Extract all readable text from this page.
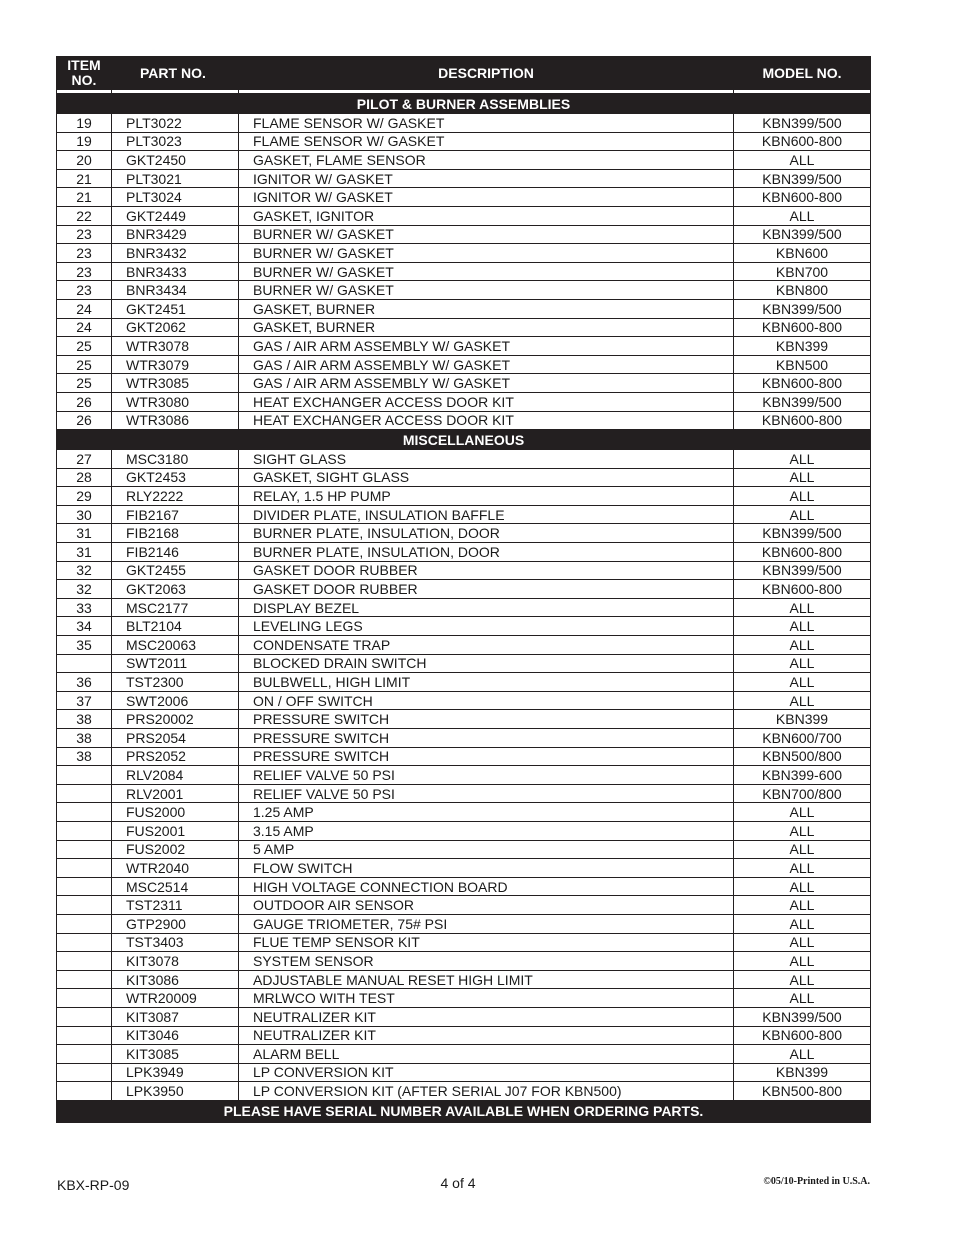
ITEM NO.	PART NO.	DESCRIPTION	MODEL NO.

PILOT & BURNER ASSEMBLIES			
19	PLT3022	FLAME SENSOR W/ GASKET	KBN399/500
19	PLT3023	FLAME SENSOR W/ GASKET	KBN600-800
20	GKT2450	GASKET, FLAME SENSOR	ALL
21	PLT3021	IGNITOR W/ GASKET	KBN399/500
21	PLT3024	IGNITOR W/ GASKET	KBN600-800
22	GKT2449	GASKET, IGNITOR	ALL
23	BNR3429	BURNER W/ GASKET	KBN399/500
23	BNR3432	BURNER W/ GASKET	KBN600
23	BNR3433	BURNER W/ GASKET	KBN700
23	BNR3434	BURNER W/ GASKET	KBN800
24	GKT2451	GASKET, BURNER	KBN399/500
24	GKT2062	GASKET, BURNER	KBN600-800
25	WTR3078	GAS / AIR ARM ASSEMBLY W/ GASKET	KBN399
25	WTR3079	GAS / AIR ARM ASSEMBLY W/ GASKET	KBN500
25	WTR3085	GAS / AIR ARM ASSEMBLY W/ GASKET	KBN600-800
26	WTR3080	HEAT EXCHANGER ACCESS DOOR KIT	KBN399/500
26	WTR3086	HEAT EXCHANGER ACCESS DOOR KIT	KBN600-800
MISCELLANEOUS			
27	MSC3180	SIGHT GLASS	ALL
28	GKT2453	GASKET, SIGHT GLASS	ALL
29	RLY2222	RELAY, 1.5 HP PUMP	ALL
30	FIB2167	DIVIDER PLATE, INSULATION BAFFLE	ALL
31	FIB2168	BURNER PLATE, INSULATION, DOOR	KBN399/500
31	FIB2146	BURNER PLATE, INSULATION, DOOR	KBN600-800
32	GKT2455	GASKET DOOR RUBBER	KBN399/500
32	GKT2063	GASKET DOOR RUBBER	KBN600-800
33	MSC2177	DISPLAY BEZEL	ALL
34	BLT2104	LEVELING LEGS	ALL
35	MSC20063	CONDENSATE TRAP	ALL
	SWT2011	BLOCKED DRAIN SWITCH	ALL
36	TST2300	BULBWELL, HIGH LIMIT	ALL
37	SWT2006	ON / OFF SWITCH	ALL
38	PRS20002	PRESSURE SWITCH	KBN399
38	PRS2054	PRESSURE SWITCH	KBN600/700
38	PRS2052	PRESSURE SWITCH	KBN500/800
	RLV2084	RELIEF VALVE 50 PSI	KBN399-600
	RLV2001	RELIEF VALVE 50 PSI	KBN700/800
	FUS2000	1.25 AMP	ALL
	FUS2001	3.15 AMP	ALL
	FUS2002	5 AMP	ALL
	WTR2040	FLOW SWITCH	ALL
	MSC2514	HIGH VOLTAGE CONNECTION BOARD	ALL
	TST2311	OUTDOOR AIR SENSOR	ALL
	GTP2900	GAUGE TRIOMETER, 75# PSI	ALL
	TST3403	FLUE TEMP SENSOR KIT	ALL
	KIT3078	SYSTEM SENSOR	ALL
	KIT3086	ADJUSTABLE MANUAL RESET HIGH LIMIT	ALL
	WTR20009	MRLWCO WITH TEST	ALL
	KIT3087	NEUTRALIZER KIT	KBN399/500
	KIT3046	NEUTRALIZER KIT	KBN600-800
	KIT3085	ALARM BELL	ALL
	LPK3949	LP CONVERSION KIT	KBN399
	LPK3950	LP CONVERSION KIT (AFTER SERIAL J07 FOR KBN500)	KBN500-800
PLEASE HAVE SERIAL NUMBER AVAILABLE WHEN ORDERING PARTS.			
KBX-RP-09	4 of 4	©05/10-Printed in U.S.A.
